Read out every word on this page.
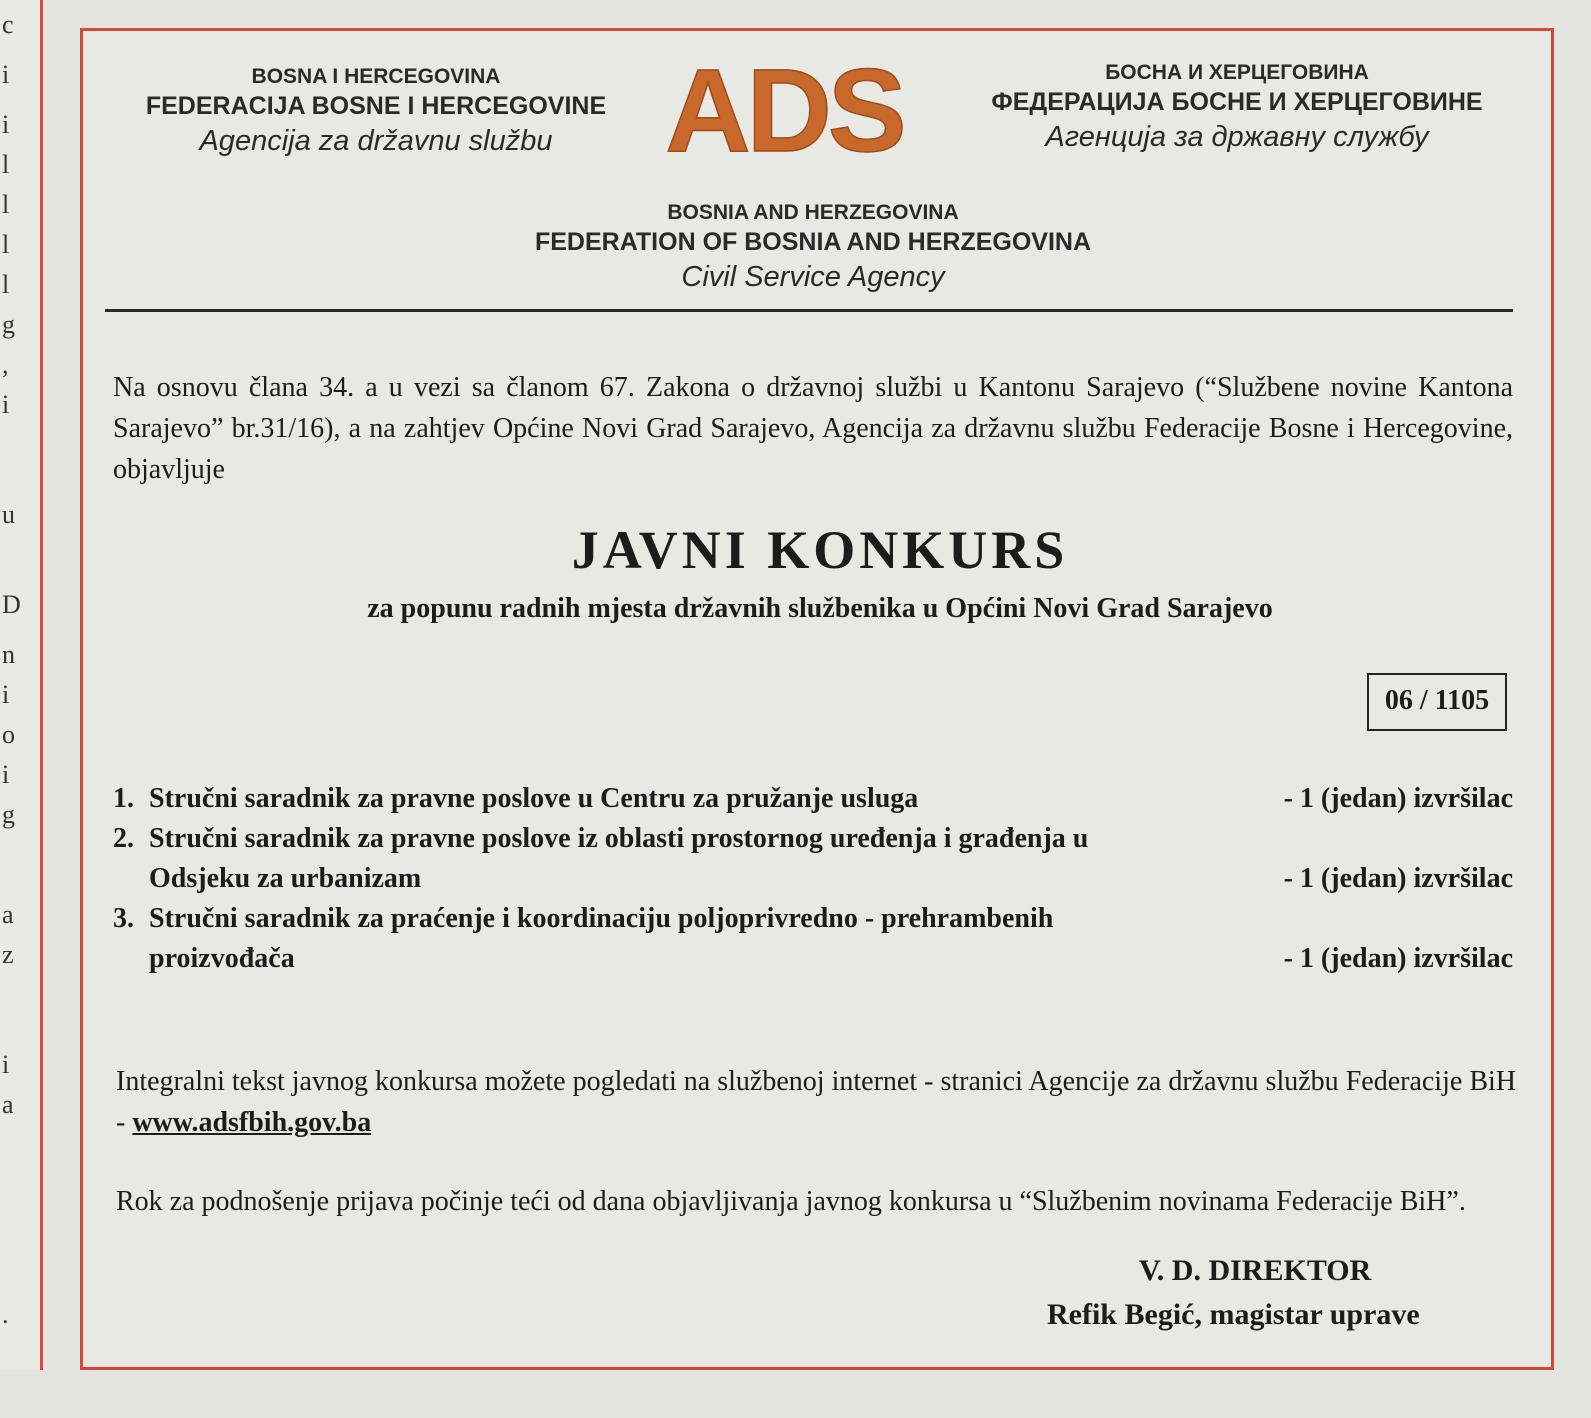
c
i
i
l
l
l
l
g
,
i
u
D
n
i
o
i
g
a
z
i
a
.
BOSNA I HERCEGOVINA
FEDERACIJA BOSNE I HERCEGOVINE
Agencija za državnu službu ADS	БОСНА И ХЕРЦЕГОВИНА
ФЕДЕРАЦИЈА БОСНЕ И ХЕРЦЕГОВИНЕ
Агенција за државну службу
BOSNIA AND HERZEGOVINA
FEDERATION OF BOSNIA AND HERZEGOVINA
Civil Service Agency
Na osnovu člana 34. a u vezi sa članom 67. Zakona o državnoj službi u Kantonu Sarajevo (“Službene novine Kantona Sarajevo” br.31/16), a na zahtjev Općine Novi Grad Sarajevo, Agencija za državnu službu Federacije Bosne i Hercegovine, objavljuje
JAVNI KONKURS
za popunu radnih mjesta državnih službenika u Općini Novi Grad Sarajevo
06 / 1105
1. Stručni saradnik za pravne poslove u Centru za pružanje usluga	- 1 (jedan) izvršilac
2. Stručni saradnik za pravne poslove iz oblasti prostornog uređenja i građenja u Odsjeku za urbanizam	- 1 (jedan) izvršilac
3. Stručni saradnik za praćenje i koordinaciju poljoprivredno - prehrambenih proizvođača	- 1 (jedan) izvršilac
Integralni tekst javnog konkursa možete pogledati na službenoj internet - stranici Agencije za državnu službu Federacije BiH - www.adsfbih.gov.ba
Rok za podnošenje prijava počinje teći od dana objavljivanja javnog konkursa u “Službenim novinama Federacije BiH”.
V. D. DIREKTOR
Refik Begić, magistar uprave
